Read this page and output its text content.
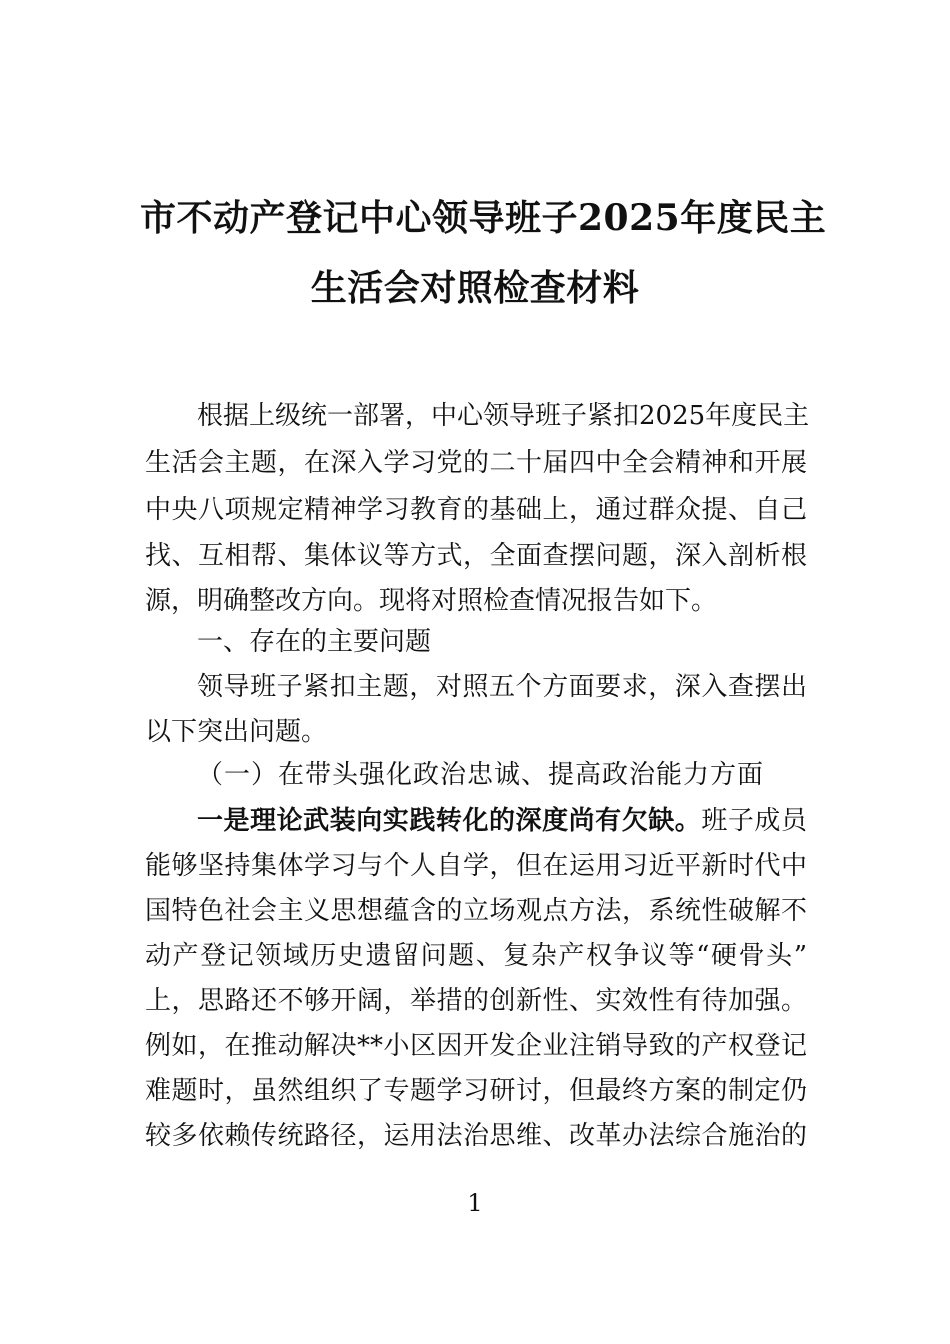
市不动产登记中心领导班子2025年度民主
生活会对照检查材料
根据上级统一部署，中心领导班子紧扣2025年度民主
生活会主题，在深入学习党的二十届四中全会精神和开展
中央八项规定精神学习教育的基础上，通过群众提、自己
找、互相帮、集体议等方式，全面查摆问题，深入剖析根
源，明确整改方向。现将对照检查情况报告如下。
一、存在的主要问题
领导班子紧扣主题，对照五个方面要求，深入查摆出
以下突出问题。
（一）在带头强化政治忠诚、提高政治能力方面
一是理论武装向实践转化的深度尚有欠缺。班子成员
能够坚持集体学习与个人自学，但在运用习近平新时代中
国特色社会主义思想蕴含的立场观点方法，系统性破解不
动产登记领域历史遗留问题、复杂产权争议等“硬骨头”
上，思路还不够开阔，举措的创新性、实效性有待加强。
例如，在推动解决**小区因开发企业注销导致的产权登记
难题时，虽然组织了专题学习研讨，但最终方案的制定仍
较多依赖传统路径，运用法治思维、改革办法综合施治的
1
